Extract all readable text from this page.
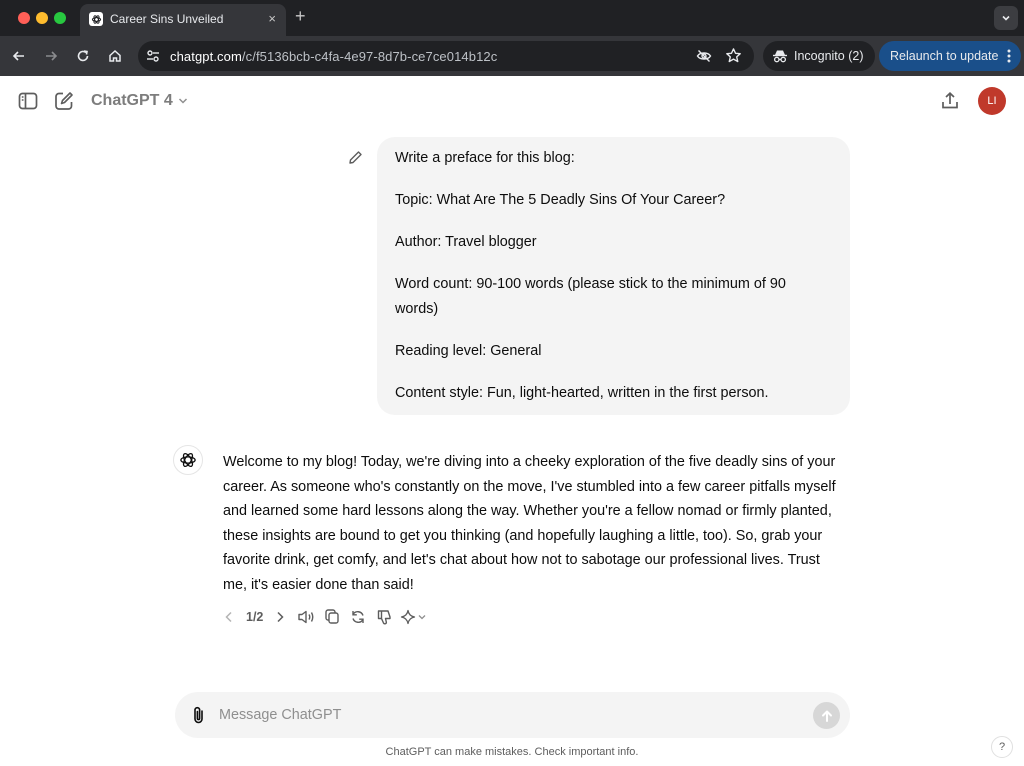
Career Sins Unveiled	× +
chatgpt.com/c/f5136bcb-c4fa-4e97-8d7b-ce7ce014b12c	Incognito (2) Relaunch to update
ChatGPT 4	LI
Write a preface for this blog:
Topic: What Are The 5 Deadly Sins Of Your Career?
Author: Travel blogger
Word count: 90-100 words (please stick to the minimum of 90
words)
Reading level: General
Content style: Fun, light-hearted, written in the first person.
Welcome to my blog! Today, we're diving into a cheeky exploration of the five deadly sins of your
career. As someone who's constantly on the move, I've stumbled into a few career pitfalls myself
and learned some hard lessons along the way. Whether you're a fellow nomad or firmly planted,
these insights are bound to get you thinking (and hopefully laughing a little, too). So, grab your
favorite drink, get comfy, and let's chat about how not to sabotage our professional lives. Trust
me, it's easier done than said!
1/2
Message ChatGPT
ChatGPT can make mistakes. Check important info.	?
